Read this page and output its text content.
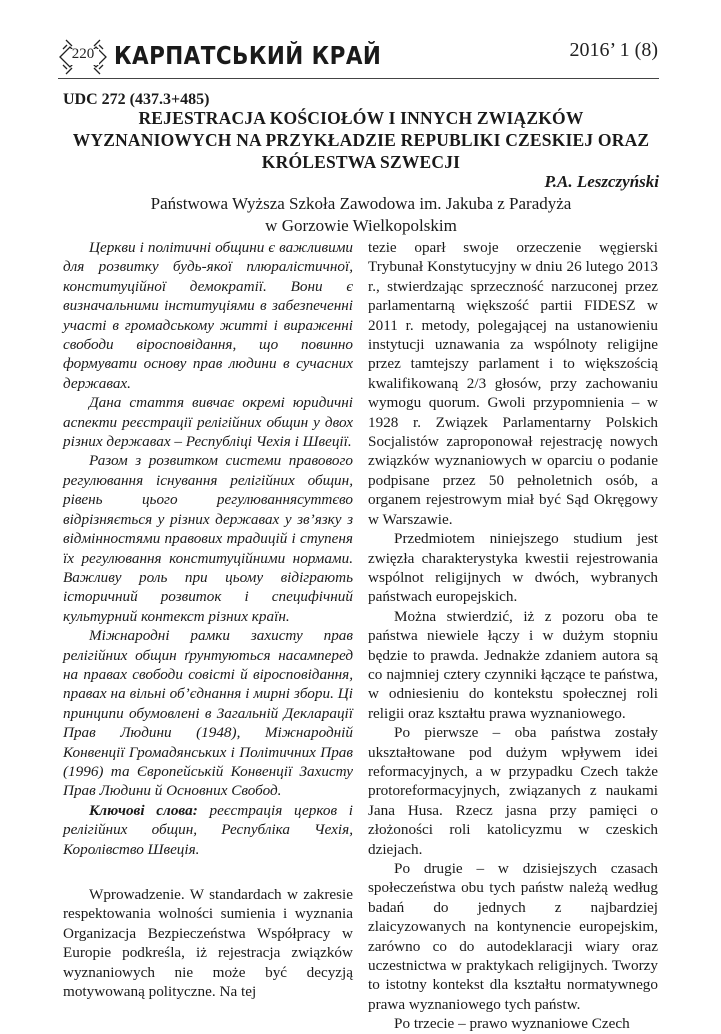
220 КАРПАТСЬКИЙ КРАЙ	2016’ 1 (8)
UDC 272 (437.3+485)
REJESTRACJA KOŚCIOŁÓW I INNYCH ZWIĄZKÓW WYZNANIOWYCH NA PRZYKŁADZIE REPUBLIKI CZESKIEJ ORAZ KRÓLESTWA SZWECJI
P.A. Leszczyński
Państwowa Wyższa Szkoła Zawodowa im. Jakuba z Paradyża
w Gorzowie Wielkopolskim

Церкви і політичні общини є важливими для розвитку будь-якої плюралістичної, конституційної демократії. Вони є визначальними інституціями в забезпеченні участі в громадському житті і вираженні свободи віросповідання, що повинно формувати основу прав людини в сучасних державах.

Дана стаття вивчає окремі юридичні аспекти реєстрації релігійних общин у двох різних державах – Республіці Чехія і Швеції.

Разом з розвитком системи правового регулювання існування релігійних общин, рівень цього регулюваннясуттєво відрізняється у різних державах у зв’язку з відмінностями правових традицій і ступеня їх регулювання конституційними нормами. Важливу роль при цьому відіграють історичний розвиток і специфічний культурний контекст різних країн.

Міжнародні рамки захисту прав релігійних общин ґрунтуються насамперед на правах свободи совісті й віросповідання, правах на вільні об’єднання і мирні збори. Ці принципи обумовлені в Загальній Декларації Прав Людини (1948), Міжнародній Конвенції Громадянських і Політичних Прав (1996) та Європейській Конвенції Захисту Прав Людини й Основних Свобод.

Ключові слова: реєстрація церков і релігійних общин, Республіка Чехія, Королівство Швеція.

Wprowadzenie. W standardach w zakresie respektowania wolności sumienia i wyznania Organizacja Bezpieczeństwa Współpracy w Europie podkreśla, iż rejestracja związków wyznaniowych nie może być decyzją motywowaną polityczne. Na tej

tezie oparł swoje orzeczenie węgierski Trybunał Konstytucyjny w dniu 26 lutego 2013 r., stwierdzając sprzeczność narzuconej przez parlamentarną większość partii FIDESZ w 2011 r. metody, polegającej na ustanowieniu instytucji uznawania za wspólnoty religijne przez tamtejszy parlament i to większością kwalifikowaną 2/3 głosów, przy zachowaniu wymogu quorum. Gwoli przypomnienia – w 1928 r. Związek Parlamentarny Polskich Socjalistów zaproponował rejestrację nowych związków wyznaniowych w oparciu o podanie podpisane przez 50 pełnoletnich osób, a organem rejestrowym miał być Sąd Okręgowy w Warszawie.

Przedmiotem niniejszego studium jest zwięzła charakterystyka kwestii rejestrowania wspólnot religijnych w dwóch, wybranych państwach europejskich.

Można stwierdzić, iż z pozoru oba te państwa niewiele łączy i w dużym stopniu będzie to prawda. Jednakże zdaniem autora są co najmniej cztery czynniki łączące te państwa, w odniesieniu do kontekstu społecznej roli religii oraz kształtu prawa wyznaniowego.

Po pierwsze – oba państwa zostały ukształtowane pod dużym wpływem idei reformacyjnych, a w przypadku Czech także protoreformacyjnych, związanych z naukami Jana Husa. Rzecz jasna przy pamięci o złożoności roli katolicyzmu w czeskich dziejach.

Po drugie – w dzisiejszych czasach społeczeństwa obu tych państw należą według badań do jednych z najbardziej zlaicyzowanych na kontynencie europejskim, zarówno co do autodeklaracji wiary oraz uczestnictwa w praktykach religijnych. Tworzy to istotny kontekst dla kształtu normatywnego prawa wyznaniowego tych państw.

Po trzecie – prawo wyznaniowe Czech
